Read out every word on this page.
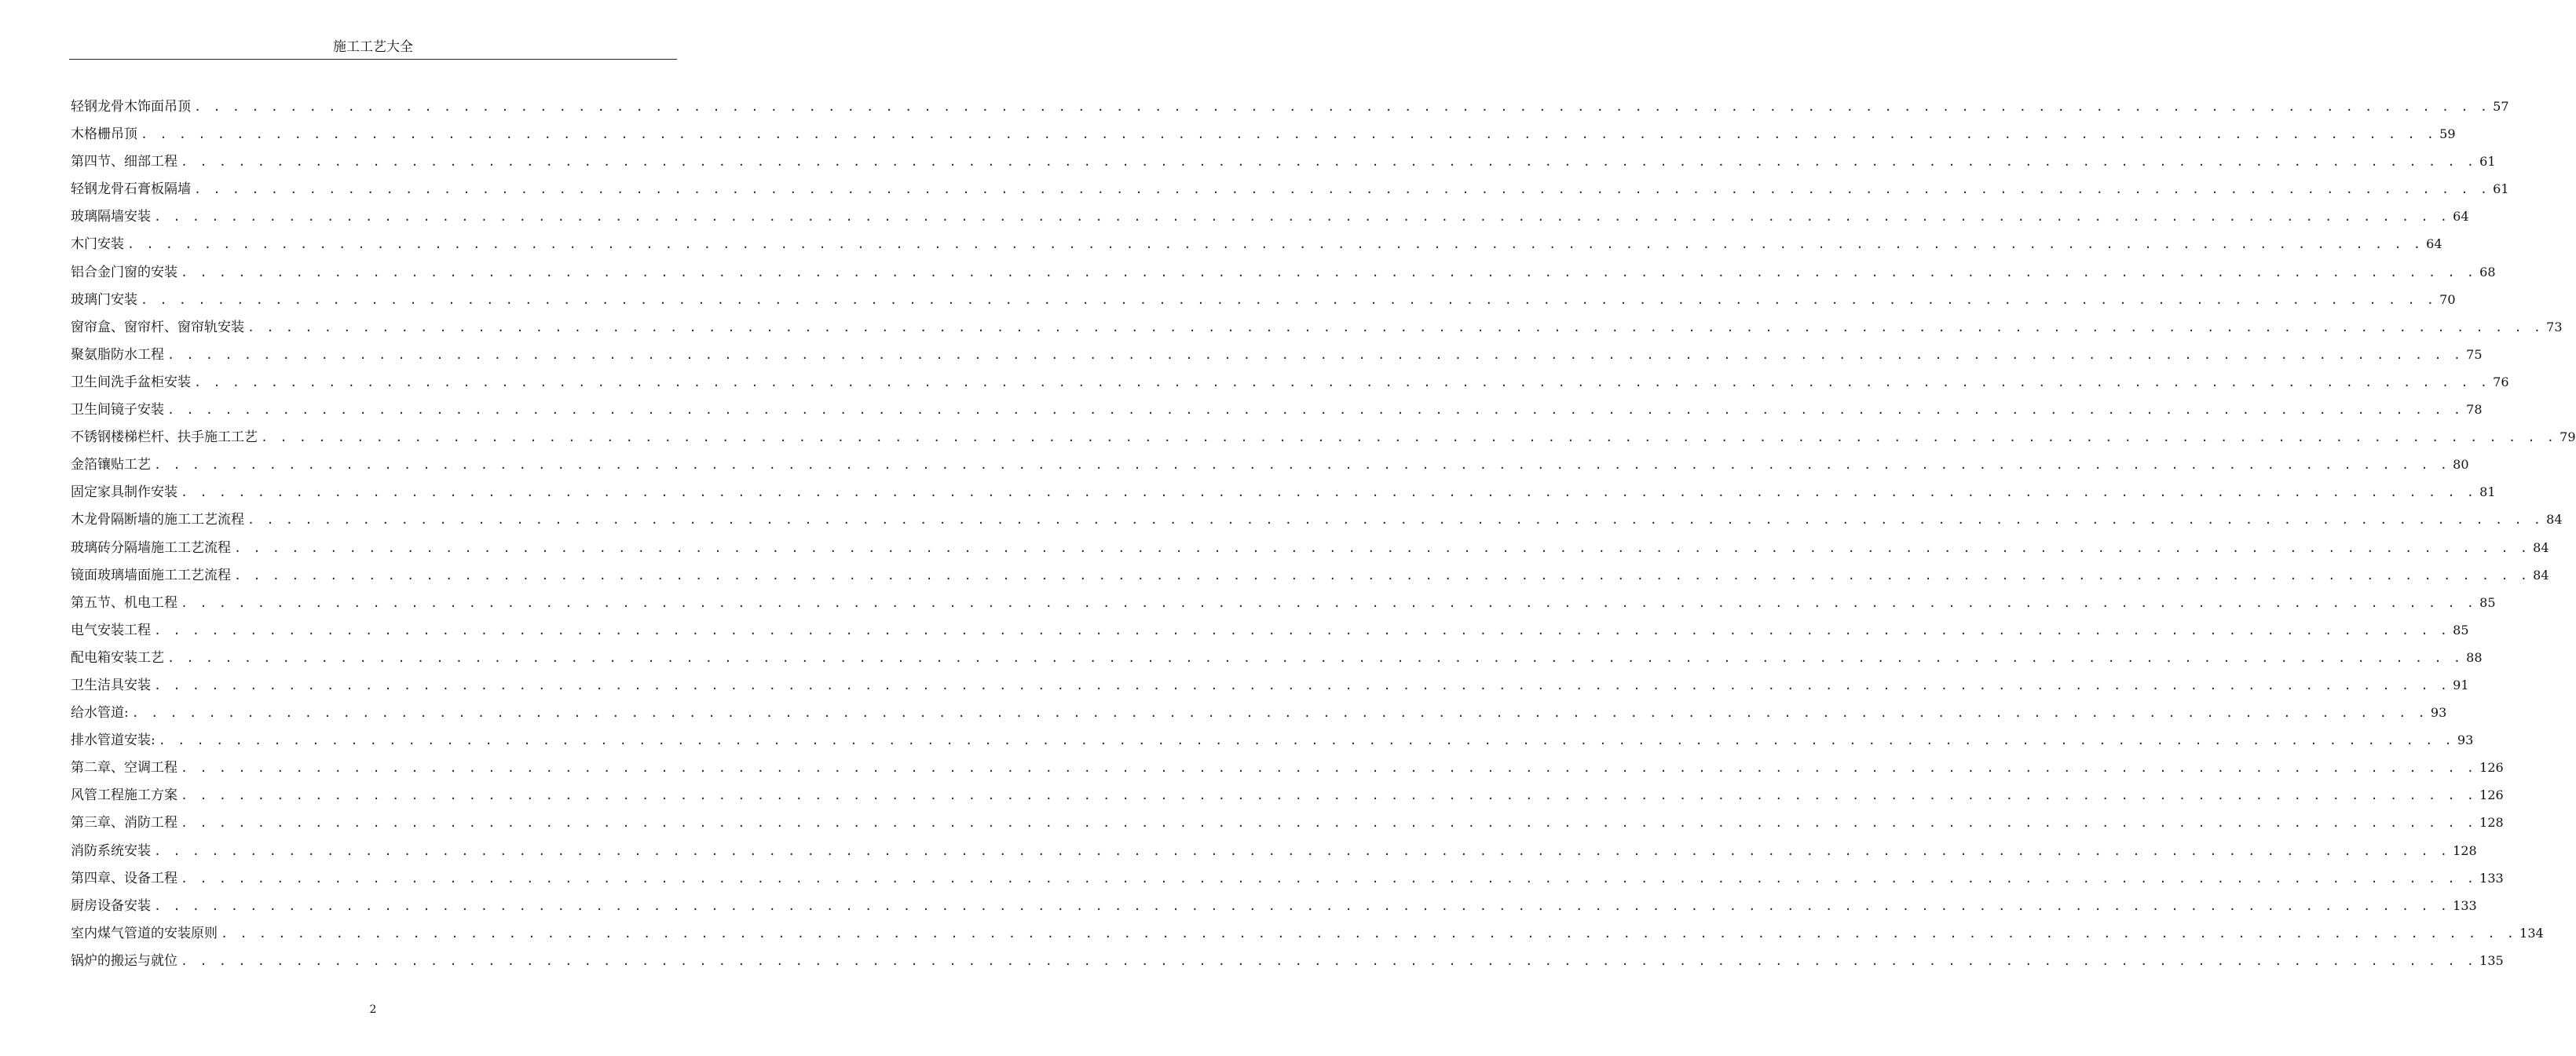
施工工艺大全
轻钢龙骨木饰面吊顶 . . . . . . . . . . . . . . . . . . . . . . . . . . . . . . . . . . . . . . . . . . . . . . . . . . . . . . . . . . . . . . . . . . . . . . . . . . . . . . . . . . . . . . . . . . . . . . . . . . . . . . . . . . . . . . . . . . . . . . . . 57
木格栅吊顶 . . . . . . . . . . . . . . . . . . . . . . . . . . . . . . . . . . . . . . . . . . . . . . . . . . . . . . . . . . . . . . . . . . . . . . . . . . . . . . . . . . . . . . . . . . . . . . . . . . . . . . . . . . . . . . . . . . . . . . . . 59
第四节、细部工程 . . . . . . . . . . . . . . . . . . . . . . . . . . . . . . . . . . . . . . . . . . . . . . . . . . . . . . . . . . . . . . . . . . . . . . . . . . . . . . . . . . . . . . . . . . . . . . . . . . . . . . . . . . . . . . . . . . . . . . . . 61
轻钢龙骨石膏板隔墙 . . . . . . . . . . . . . . . . . . . . . . . . . . . . . . . . . . . . . . . . . . . . . . . . . . . . . . . . . . . . . . . . . . . . . . . . . . . . . . . . . . . . . . . . . . . . . . . . . . . . . . . . . . . . . . . . . . . . . . . . 61
玻璃隔墙安装 . . . . . . . . . . . . . . . . . . . . . . . . . . . . . . . . . . . . . . . . . . . . . . . . . . . . . . . . . . . . . . . . . . . . . . . . . . . . . . . . . . . . . . . . . . . . . . . . . . . . . . . . . . . . . . . . . . . . . . . . 64
木门安装 . . . . . . . . . . . . . . . . . . . . . . . . . . . . . . . . . . . . . . . . . . . . . . . . . . . . . . . . . . . . . . . . . . . . . . . . . . . . . . . . . . . . . . . . . . . . . . . . . . . . . . . . . . . . . . . . . . . . . . . . 64
铝合金门窗的安装 . . . . . . . . . . . . . . . . . . . . . . . . . . . . . . . . . . . . . . . . . . . . . . . . . . . . . . . . . . . . . . . . . . . . . . . . . . . . . . . . . . . . . . . . . . . . . . . . . . . . . . . . . . . . . . . . . . . . . . . . 68
玻璃门安装 . . . . . . . . . . . . . . . . . . . . . . . . . . . . . . . . . . . . . . . . . . . . . . . . . . . . . . . . . . . . . . . . . . . . . . . . . . . . . . . . . . . . . . . . . . . . . . . . . . . . . . . . . . . . . . . . . . . . . . . . 70
窗帘盒、窗帘杆、窗帘轨安装 . . . . . . . . . . . . . . . . . . . . . . . . . . . . . . . . . . . . . . . . . . . . . . . . . . . . . . . . . . . . . . . . . . . . . . . . . . . . . . . . . . . . . . . . . . . . . . . . . . . . . . . . . . . . . . . . . . . . . . . . 73
聚氨脂防水工程 . . . . . . . . . . . . . . . . . . . . . . . . . . . . . . . . . . . . . . . . . . . . . . . . . . . . . . . . . . . . . . . . . . . . . . . . . . . . . . . . . . . . . . . . . . . . . . . . . . . . . . . . . . . . . . . . . . . . . . . . 75
卫生间洗手盆柜安装 . . . . . . . . . . . . . . . . . . . . . . . . . . . . . . . . . . . . . . . . . . . . . . . . . . . . . . . . . . . . . . . . . . . . . . . . . . . . . . . . . . . . . . . . . . . . . . . . . . . . . . . . . . . . . . . . . . . . . . . . 76
卫生间镜子安装 . . . . . . . . . . . . . . . . . . . . . . . . . . . . . . . . . . . . . . . . . . . . . . . . . . . . . . . . . . . . . . . . . . . . . . . . . . . . . . . . . . . . . . . . . . . . . . . . . . . . . . . . . . . . . . . . . . . . . . . . 78
不锈钢楼梯栏杆、扶手施工工艺 . . . . . . . . . . . . . . . . . . . . . . . . . . . . . . . . . . . . . . . . . . . . . . . . . . . . . . . . . . . . . . . . . . . . . . . . . . . . . . . . . . . . . . . . . . . . . . . . . . . . . . . . . . . . . . . . . . . . . . . . 79
金箔镶贴工艺 . . . . . . . . . . . . . . . . . . . . . . . . . . . . . . . . . . . . . . . . . . . . . . . . . . . . . . . . . . . . . . . . . . . . . . . . . . . . . . . . . . . . . . . . . . . . . . . . . . . . . . . . . . . . . . . . . . . . . . . . 80
固定家具制作安装 . . . . . . . . . . . . . . . . . . . . . . . . . . . . . . . . . . . . . . . . . . . . . . . . . . . . . . . . . . . . . . . . . . . . . . . . . . . . . . . . . . . . . . . . . . . . . . . . . . . . . . . . . . . . . . . . . . . . . . . . 81
木龙骨隔断墙的施工工艺流程 . . . . . . . . . . . . . . . . . . . . . . . . . . . . . . . . . . . . . . . . . . . . . . . . . . . . . . . . . . . . . . . . . . . . . . . . . . . . . . . . . . . . . . . . . . . . . . . . . . . . . . . . . . . . . . . . . . . . . . . . 84
玻璃砖分隔墙施工工艺流程 . . . . . . . . . . . . . . . . . . . . . . . . . . . . . . . . . . . . . . . . . . . . . . . . . . . . . . . . . . . . . . . . . . . . . . . . . . . . . . . . . . . . . . . . . . . . . . . . . . . . . . . . . . . . . . . . . . . . . . . . 84
镜面玻璃墙面施工工艺流程 . . . . . . . . . . . . . . . . . . . . . . . . . . . . . . . . . . . . . . . . . . . . . . . . . . . . . . . . . . . . . . . . . . . . . . . . . . . . . . . . . . . . . . . . . . . . . . . . . . . . . . . . . . . . . . . . . . . . . . . . 84
第五节、机电工程 . . . . . . . . . . . . . . . . . . . . . . . . . . . . . . . . . . . . . . . . . . . . . . . . . . . . . . . . . . . . . . . . . . . . . . . . . . . . . . . . . . . . . . . . . . . . . . . . . . . . . . . . . . . . . . . . . . . . . . . . 85
电气安装工程 . . . . . . . . . . . . . . . . . . . . . . . . . . . . . . . . . . . . . . . . . . . . . . . . . . . . . . . . . . . . . . . . . . . . . . . . . . . . . . . . . . . . . . . . . . . . . . . . . . . . . . . . . . . . . . . . . . . . . . . . 85
配电箱安装工艺 . . . . . . . . . . . . . . . . . . . . . . . . . . . . . . . . . . . . . . . . . . . . . . . . . . . . . . . . . . . . . . . . . . . . . . . . . . . . . . . . . . . . . . . . . . . . . . . . . . . . . . . . . . . . . . . . . . . . . . . . 88
卫生洁具安装 . . . . . . . . . . . . . . . . . . . . . . . . . . . . . . . . . . . . . . . . . . . . . . . . . . . . . . . . . . . . . . . . . . . . . . . . . . . . . . . . . . . . . . . . . . . . . . . . . . . . . . . . . . . . . . . . . . . . . . . . 91
给水管道: . . . . . . . . . . . . . . . . . . . . . . . . . . . . . . . . . . . . . . . . . . . . . . . . . . . . . . . . . . . . . . . . . . . . . . . . . . . . . . . . . . . . . . . . . . . . . . . . . . . . . . . . . . . . . . . . . . . . . . . . 93
排水管道安装: . . . . . . . . . . . . . . . . . . . . . . . . . . . . . . . . . . . . . . . . . . . . . . . . . . . . . . . . . . . . . . . . . . . . . . . . . . . . . . . . . . . . . . . . . . . . . . . . . . . . . . . . . . . . . . . . . . . . . . . . 93
第二章、空调工程 . . . . . . . . . . . . . . . . . . . . . . . . . . . . . . . . . . . . . . . . . . . . . . . . . . . . . . . . . . . . . . . . . . . . . . . . . . . . . . . . . . . . . . . . . . . . . . . . . . . . . . . . . . . . . . . . . . . . . . . . 126
风管工程施工方案 . . . . . . . . . . . . . . . . . . . . . . . . . . . . . . . . . . . . . . . . . . . . . . . . . . . . . . . . . . . . . . . . . . . . . . . . . . . . . . . . . . . . . . . . . . . . . . . . . . . . . . . . . . . . . . . . . . . . . . . . 126
第三章、消防工程 . . . . . . . . . . . . . . . . . . . . . . . . . . . . . . . . . . . . . . . . . . . . . . . . . . . . . . . . . . . . . . . . . . . . . . . . . . . . . . . . . . . . . . . . . . . . . . . . . . . . . . . . . . . . . . . . . . . . . . . . 128
消防系统安装 . . . . . . . . . . . . . . . . . . . . . . . . . . . . . . . . . . . . . . . . . . . . . . . . . . . . . . . . . . . . . . . . . . . . . . . . . . . . . . . . . . . . . . . . . . . . . . . . . . . . . . . . . . . . . . . . . . . . . . . . 128
第四章、设备工程 . . . . . . . . . . . . . . . . . . . . . . . . . . . . . . . . . . . . . . . . . . . . . . . . . . . . . . . . . . . . . . . . . . . . . . . . . . . . . . . . . . . . . . . . . . . . . . . . . . . . . . . . . . . . . . . . . . . . . . . . 133
厨房设备安装 . . . . . . . . . . . . . . . . . . . . . . . . . . . . . . . . . . . . . . . . . . . . . . . . . . . . . . . . . . . . . . . . . . . . . . . . . . . . . . . . . . . . . . . . . . . . . . . . . . . . . . . . . . . . . . . . . . . . . . . . 133
室内煤气管道的安装原则 . . . . . . . . . . . . . . . . . . . . . . . . . . . . . . . . . . . . . . . . . . . . . . . . . . . . . . . . . . . . . . . . . . . . . . . . . . . . . . . . . . . . . . . . . . . . . . . . . . . . . . . . . . . . . . . . . . . . . . . . 134
锅炉的搬运与就位 . . . . . . . . . . . . . . . . . . . . . . . . . . . . . . . . . . . . . . . . . . . . . . . . . . . . . . . . . . . . . . . . . . . . . . . . . . . . . . . . . . . . . . . . . . . . . . . . . . . . . . . . . . . . . . . . . . . . . . . . 135
2
